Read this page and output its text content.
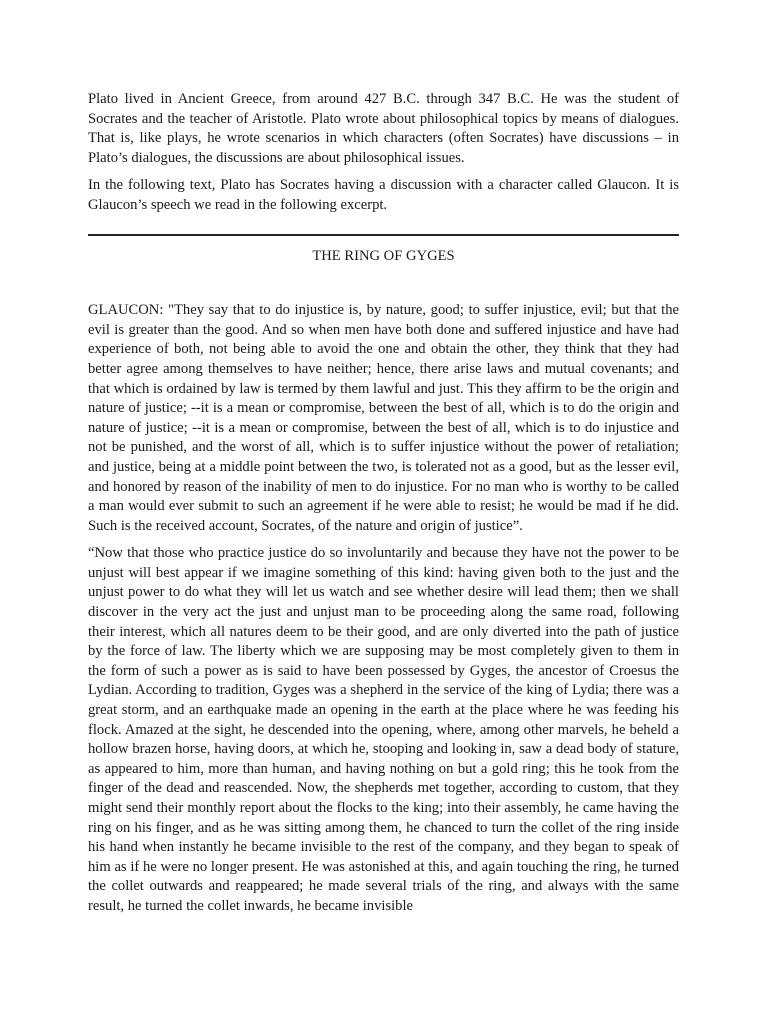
Plato lived in Ancient Greece, from around 427 B.C. through 347 B.C. He was the student of Socrates and the teacher of Aristotle. Plato wrote about philosophical topics by means of dialogues. That is, like plays, he wrote scenarios in which characters (often Socrates) have discussions – in Plato’s dialogues, the discussions are about philosophical issues.

In the following text, Plato has Socrates having a discussion with a character called Glaucon. It is Glaucon’s speech we read in the following excerpt.

THE RING OF GYGES

GLAUCON: "They say that to do injustice is, by nature, good; to suffer injustice, evil; but that the evil is greater than the good. And so when men have both done and suffered injustice and have had experience of both, not being able to avoid the one and obtain the other, they think that they had better agree among themselves to have neither; hence, there arise laws and mutual covenants; and that which is ordained by law is termed by them lawful and just. This they affirm to be the origin and nature of justice; --it is a mean or compromise, between the best of all, which is to do the origin and nature of justice; --it is a mean or compromise, between the best of all, which is to do injustice and not be punished, and the worst of all, which is to suffer injustice without the power of retaliation; and justice, being at a middle point between the two, is tolerated not as a good, but as the lesser evil, and honored by reason of the inability of men to do injustice. For no man who is worthy to be called a man would ever submit to such an agreement if he were able to resist; he would be mad if he did. Such is the received account, Socrates, of the nature and origin of justice”.

“Now that those who practice justice do so involuntarily and because they have not the power to be unjust will best appear if we imagine something of this kind: having given both to the just and the unjust power to do what they will let us watch and see whether desire will lead them; then we shall discover in the very act the just and unjust man to be proceeding along the same road, following their interest, which all natures deem to be their good, and are only diverted into the path of justice by the force of law. The liberty which we are supposing may be most completely given to them in the form of such a power as is said to have been possessed by Gyges, the ancestor of Croesus the Lydian. According to tradition, Gyges was a shepherd in the service of the king of Lydia; there was a great storm, and an earthquake made an opening in the earth at the place where he was feeding his flock. Amazed at the sight, he descended into the opening, where, among other marvels, he beheld a hollow brazen horse, having doors, at which he, stooping and looking in, saw a dead body of stature, as appeared to him, more than human, and having nothing on but a gold ring; this he took from the finger of the dead and reascended. Now, the shepherds met together, according to custom, that they might send their monthly report about the flocks to the king; into their assembly, he came having the ring on his finger, and as he was sitting among them, he chanced to turn the collet of the ring inside his hand when instantly he became invisible to the rest of the company, and they began to speak of him as if he were no longer present. He was astonished at this, and again touching the ring, he turned the collet outwards and reappeared; he made several trials of the ring, and always with the same result, he turned the collet inwards, he became invisible
